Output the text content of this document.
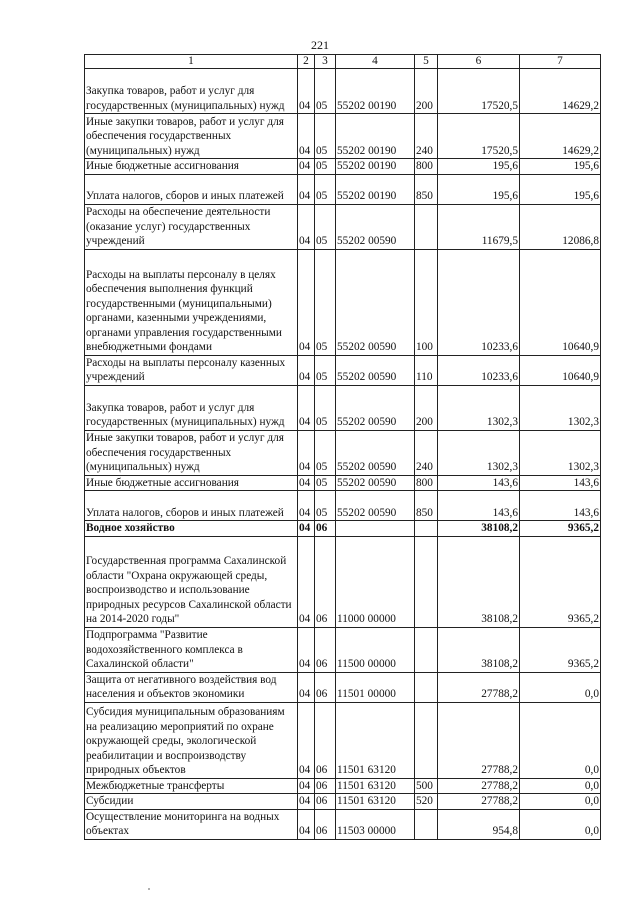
221
1	2	3	4	5	6	7
Закупка товаров, работ и услуг для государственных (муниципальных) нужд	04	05	55202 00190	200	17520,5	14629,2
Иные закупки товаров, работ и услуг для обеспечения государственных (муниципальных) нужд	04	05	55202 00190	240	17520,5	14629,2
Иные бюджетные ассигнования	04	05	55202 00190	800	195,6	195,6
Уплата налогов, сборов и иных платежей	04	05	55202 00190	850	195,6	195,6
Расходы на обеспечение деятельности (оказание услуг) государственных учреждений	04	05	55202 00590		11679,5	12086,8
Расходы на выплаты персоналу в целях обеспечения выполнения функций государственными (муниципальными) органами, казенными учреждениями, органами управления государственными внебюджетными фондами	04	05	55202 00590	100	10233,6	10640,9
Расходы на выплаты персоналу казенных учреждений	04	05	55202 00590	110	10233,6	10640,9
Закупка товаров, работ и услуг для государственных (муниципальных) нужд	04	05	55202 00590	200	1302,3	1302,3
Иные закупки товаров, работ и услуг для обеспечения государственных (муниципальных) нужд	04	05	55202 00590	240	1302,3	1302,3
Иные бюджетные ассигнования	04	05	55202 00590	800	143,6	143,6
Уплата налогов, сборов и иных платежей	04	05	55202 00590	850	143,6	143,6
Водное хозяйство	04	06			38108,2	9365,2
Государственная программа Сахалинской области "Охрана окружающей среды, воспроизводство и использование природных ресурсов Сахалинской области на 2014-2020 годы"	04	06	11000 00000		38108,2	9365,2
Подпрограмма "Развитие водохозяйственного комплекса в Сахалинской области"	04	06	11500 00000		38108,2	9365,2
Защита от негативного воздействия вод населения и объектов экономики	04	06	11501 00000		27788,2	0,0
Субсидия муниципальным образованиям на реализацию мероприятий по охране окружающей среды, экологической реабилитации и воспроизводству природных объектов	04	06	11501 63120		27788,2	0,0
Межбюджетные трансферты	04	06	11501 63120	500	27788,2	0,0
Субсидии	04	06	11501 63120	520	27788,2	0,0
Осуществление мониторинга на водных объектах	04	06	11503 00000		954,8	0,0
